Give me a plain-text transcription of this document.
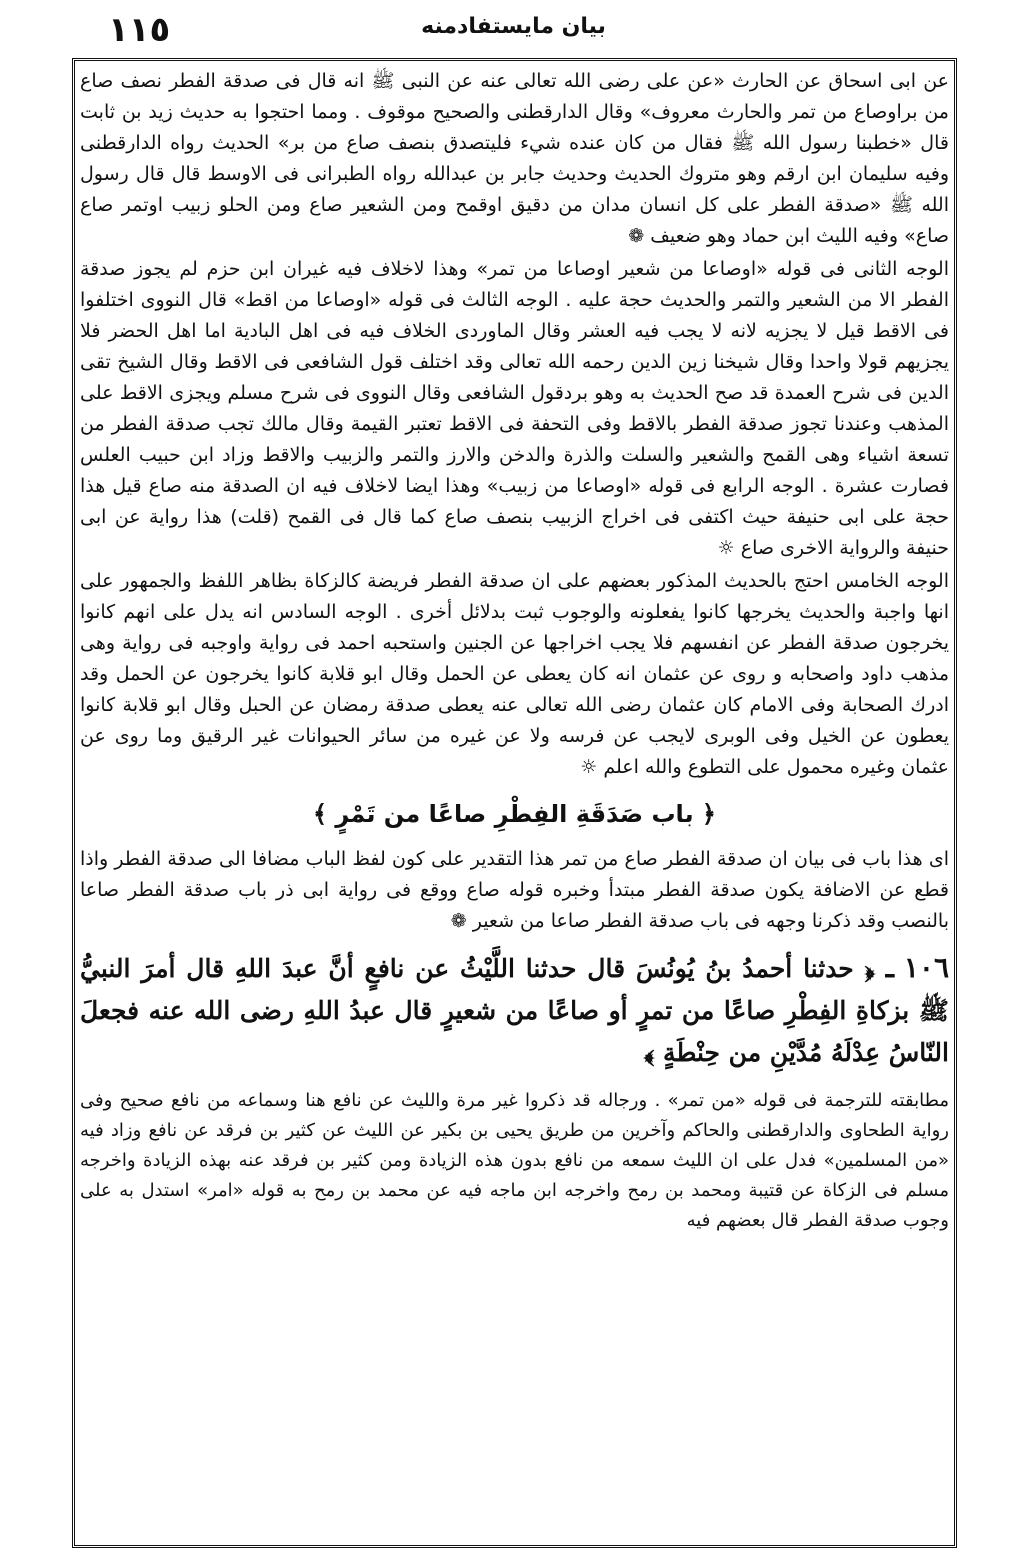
١١٥	بيان مايستفادمنه

عن ابى اسحاق عن الحارث «عن على رضى الله تعالى عنه عن النبى ﷺ انه قال فى صدقة الفطر نصف صاع من براوصاع من تمر والحارث معروف» وقال الدارقطنى والصحيح موقوف . ومما احتجوا به حديث زيد بن ثابت قال «خطبنا رسول الله ﷺ فقال من كان عنده شيء فليتصدق بنصف صاع من بر» الحديث رواه الدارقطنى وفيه سليمان ابن ارقم وهو متروك الحديث وحديث جابر بن عبدالله رواه الطبرانى فى الاوسط قال قال رسول الله ﷺ «صدقة الفطر على كل انسان مدان من دقيق اوقمح ومن الشعير صاع ومن الحلو زبيب اوتمر صاع صاع» وفيه الليث ابن حماد وهو ضعيف ❁

الوجه الثانى فى قوله «اوصاعا من شعير اوصاعا من تمر» وهذا لاخلاف فيه غيران ابن حزم لم يجوز صدقة الفطر الا من الشعير والتمر والحديث حجة عليه . الوجه الثالث فى قوله «اوصاعا من اقط» قال النووى اختلفوا فى الاقط قيل لا يجزيه لانه لا يجب فيه العشر وقال الماوردى الخلاف فيه فى اهل البادية اما اهل الحضر فلا يجزيهم قولا واحدا وقال شيخنا زين الدين رحمه الله تعالى وقد اختلف قول الشافعى فى الاقط وقال الشيخ تقى الدين فى شرح العمدة قد صح الحديث به وهو بردقول الشافعى وقال النووى فى شرح مسلم ويجزى الاقط على المذهب وعندنا تجوز صدقة الفطر بالاقط وفى التحفة فى الاقط تعتبر القيمة وقال مالك تجب صدقة الفطر من تسعة اشياء وهى القمح والشعير والسلت والذرة والدخن والارز والتمر والزبيب والاقط وزاد ابن حبيب العلس فصارت عشرة . الوجه الرابع فى قوله «اوصاعا من زبيب» وهذا ايضا لاخلاف فيه ان الصدقة منه صاع قيل هذا حجة على ابى حنيفة حيث اكتفى فى اخراج الزبيب بنصف صاع كما قال فى القمح (قلت) هذا رواية عن ابى حنيفة والرواية الاخرى صاع ☼

الوجه الخامس احتج بالحديث المذكور بعضهم على ان صدقة الفطر فريضة كالزكاة بظاهر اللفظ والجمهور على انها واجبة والحديث يخرجها كانوا يفعلونه والوجوب ثبت بدلائل أخرى . الوجه السادس انه يدل على انهم كانوا يخرجون صدقة الفطر عن انفسهم فلا يجب اخراجها عن الجنين واستحبه احمد فى رواية واوجبه فى رواية وهى مذهب داود واصحابه و روى عن عثمان انه كان يعطى عن الحمل وقال ابو قلابة كانوا يخرجون عن الحمل وقد ادرك الصحابة وفى الامام كان عثمان رضى الله تعالى عنه يعطى صدقة رمضان عن الحبل وقال ابو قلابة كانوا يعطون عن الخيل وفى الوبرى لايجب عن فرسه ولا عن غيره من سائر الحيوانات غير الرقيق وما روى عن عثمان وغيره محمول على التطوع والله اعلم ☼

﴿ باب صَدَقَةِ الفِطْرِ صاعًا من تَمْرٍ ﴾

اى هذا باب فى بيان ان صدقة الفطر صاع من تمر هذا التقدير على كون لفظ الباب مضافا الى صدقة الفطر واذا قطع عن الاضافة يكون صدقة الفطر مبتدأ وخبره قوله صاع ووقع فى رواية ابى ذر باب صدقة الفطر صاعا بالنصب وقد ذكرنا وجهه فى باب صدقة الفطر صاعا من شعير ❁

١٠٦ ـ ﴿ حدثنا أحمدُ بنُ يُونُسَ قال حدثنا اللَّيْثُ عن نافعٍ أنَّ عبدَ اللهِ قال أمرَ النبيُّ ﷺ بزكاةِ الفِطْرِ صاعًا من تمرٍ أو صاعًا من شعيرٍ قال عبدُ اللهِ رضى الله عنه فجعلَ النّاسُ عِدْلَهُ مُدَّيْنِ من حِنْطَةٍ ﴾

مطابقته للترجمة فى قوله «من تمر» . ورجاله قد ذكروا غير مرة والليث عن نافع هنا وسماعه من نافع صحيح وفى رواية الطحاوى والدارقطنى والحاكم وآخرين من طريق يحيى بن بكير عن الليث عن كثير بن فرقد عن نافع وزاد فيه «من المسلمين» فدل على ان الليث سمعه من نافع بدون هذه الزيادة ومن كثير بن فرقد عنه بهذه الزيادة واخرجه مسلم فى الزكاة عن قتيبة ومحمد بن رمح واخرجه ابن ماجه فيه عن محمد بن رمح به قوله «امر» استدل به على وجوب صدقة الفطر قال بعضهم فيه
